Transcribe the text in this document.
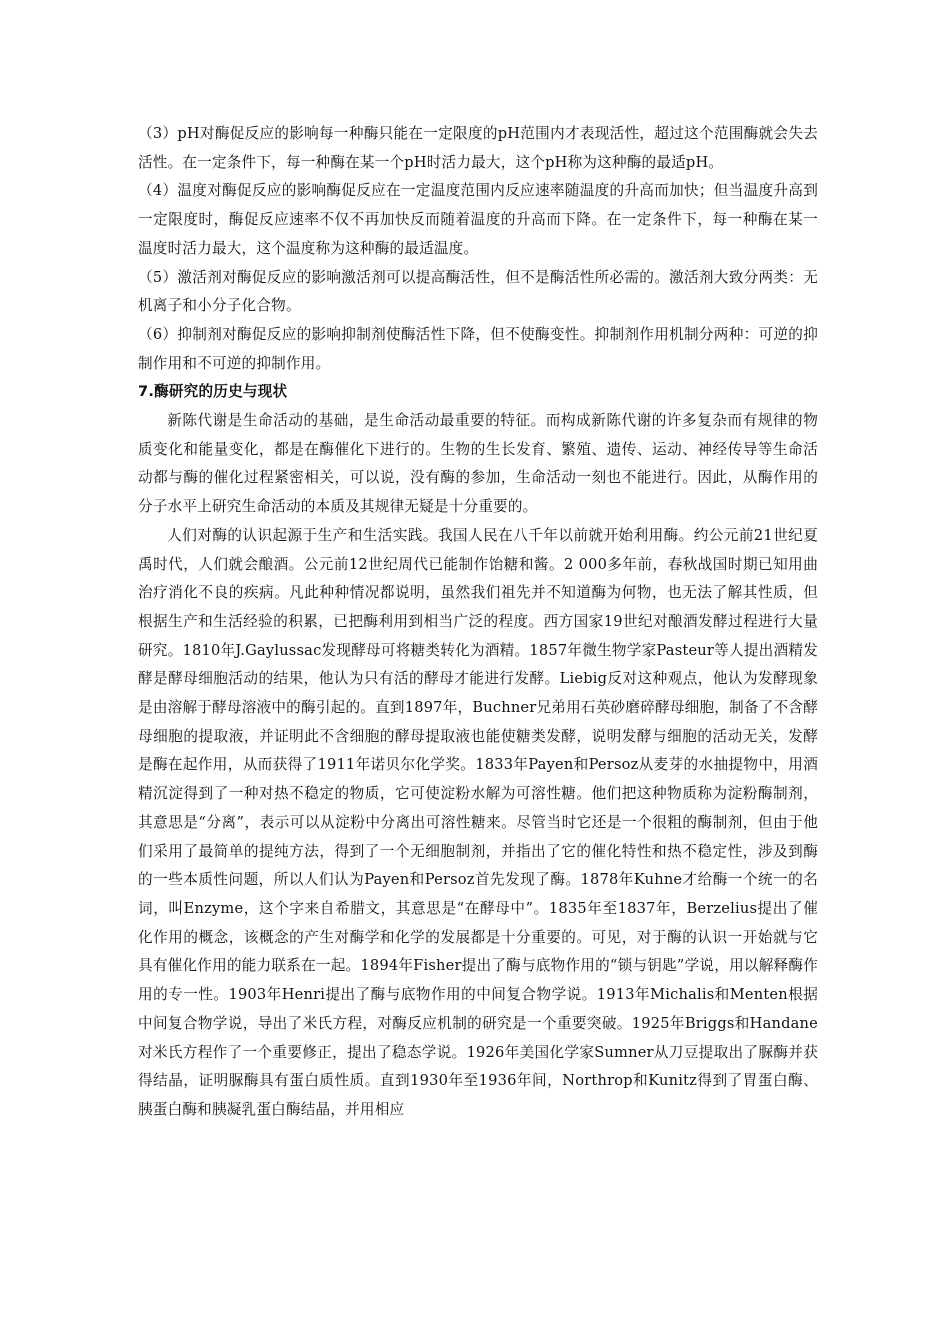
（3）pH对酶促反应的影响每一种酶只能在一定限度的pH范围内才表现活性，超过这个范围酶就会失去活性。在一定条件下，每一种酶在某一个pH时活力最大，这个pH称为这种酶的最适pH。

（4）温度对酶促反应的影响酶促反应在一定温度范围内反应速率随温度的升高而加快；但当温度升高到一定限度时，酶促反应速率不仅不再加快反而随着温度的升高而下降。在一定条件下，每一种酶在某一温度时活力最大，这个温度称为这种酶的最适温度。

（5）激活剂对酶促反应的影响激活剂可以提高酶活性，但不是酶活性所必需的。激活剂大致分两类：无机离子和小分子化合物。

（6）抑制剂对酶促反应的影响抑制剂使酶活性下降，但不使酶变性。抑制剂作用机制分两种：可逆的抑制作用和不可逆的抑制作用。

7.酶研究的历史与现状

新陈代谢是生命活动的基础，是生命活动最重要的特征。而构成新陈代谢的许多复杂而有规律的物质变化和能量变化，都是在酶催化下进行的。生物的生长发育、繁殖、遗传、运动、神经传导等生命活动都与酶的催化过程紧密相关，可以说，没有酶的参加，生命活动一刻也不能进行。因此，从酶作用的分子水平上研究生命活动的本质及其规律无疑是十分重要的。

人们对酶的认识起源于生产和生活实践。我国人民在八千年以前就开始利用酶。约公元前21世纪夏禹时代，人们就会酿酒。公元前12世纪周代已能制作饴糖和酱。2 000多年前，春秋战国时期已知用曲治疗消化不良的疾病。凡此种种情况都说明，虽然我们祖先并不知道酶为何物，也无法了解其性质，但根据生产和生活经验的积累，已把酶利用到相当广泛的程度。西方国家19世纪对酿酒发酵过程进行大量研究。1810年J.Gaylussac发现酵母可将糖类转化为酒精。1857年微生物学家Pasteur等人提出酒精发酵是酵母细胞活动的结果，他认为只有活的酵母才能进行发酵。Liebig反对这种观点，他认为发酵现象是由溶解于酵母溶液中的酶引起的。直到1897年，Buchner兄弟用石英砂磨碎酵母细胞，制备了不含酵母细胞的提取液，并证明此不含细胞的酵母提取液也能使糖类发酵，说明发酵与细胞的活动无关，发酵是酶在起作用，从而获得了1911年诺贝尔化学奖。1833年Payen和Persoz从麦芽的水抽提物中，用酒精沉淀得到了一种对热不稳定的物质，它可使淀粉水解为可溶性糖。他们把这种物质称为淀粉酶制剂，其意思是“分离”，表示可以从淀粉中分离出可溶性糖来。尽管当时它还是一个很粗的酶制剂，但由于他们采用了最简单的提纯方法，得到了一个无细胞制剂，并指出了它的催化特性和热不稳定性，涉及到酶的一些本质性问题，所以人们认为Payen和Persoz首先发现了酶。1878年Kuhne才给酶一个统一的名词，叫Enzyme，这个字来自希腊文，其意思是“在酵母中”。1835年至1837年，Berzelius提出了催化作用的概念，该概念的产生对酶学和化学的发展都是十分重要的。可见，对于酶的认识一开始就与它具有催化作用的能力联系在一起。1894年Fisher提出了酶与底物作用的“锁与钥匙”学说，用以解释酶作用的专一性。1903年Henri提出了酶与底物作用的中间复合物学说。1913年Michalis和Menten根据中间复合物学说，导出了米氏方程，对酶反应机制的研究是一个重要突破。1925年Briggs和Handane对米氏方程作了一个重要修正，提出了稳态学说。1926年美国化学家Sumner从刀豆提取出了脲酶并获得结晶，证明脲酶具有蛋白质性质。直到1930年至1936年间，Northrop和Kunitz得到了胃蛋白酶、胰蛋白酶和胰凝乳蛋白酶结晶，并用相应
